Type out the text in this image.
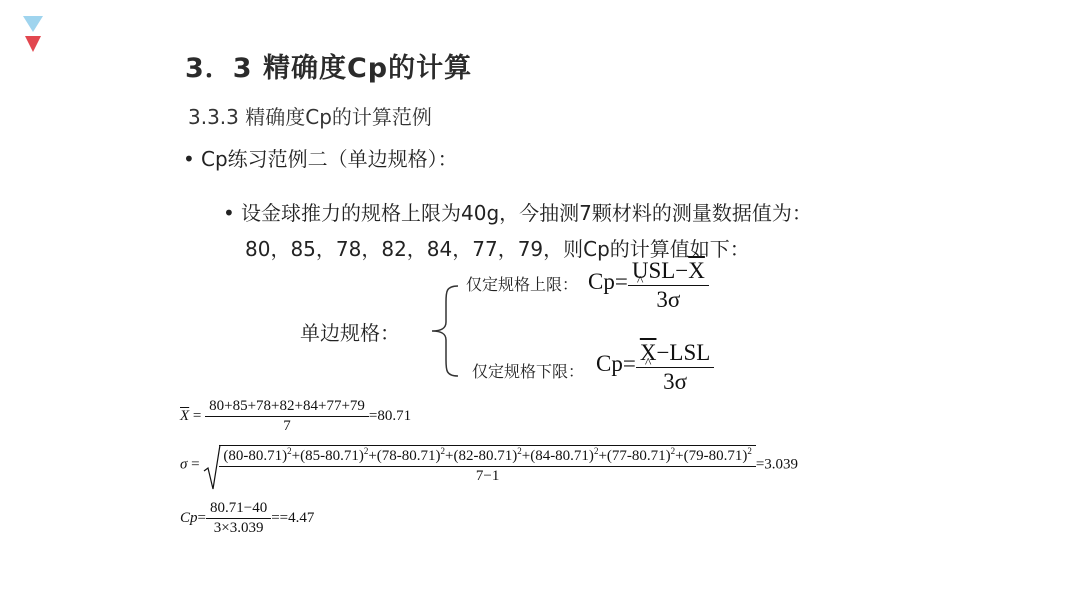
3．3 精确度Cp的计算
3.3.3 精确度Cp的计算范例
• Cp练习范例二（单边规格）：
• 设金球推力的规格上限为40g，今抽测7颗材料的测量数据值为：
80，85，78，82，84，77，79，则Cp的计算值如下：
单边规格：
仅定规格上限：
仅定规格下限：
$Cp= \frac{USL-\overline{X}}{3\sigma}$ ^
$Cp= \frac{\overline{X}-LSL}{3\sigma}$ ^
$\overline{X} = \frac{80+85+78+82+84+77+79}{7} =80.71$
σ =
$(80-80.71)^2+(85-80.71)^2+(78-80.71)^2+(82-80.71)^2+(84-80.71)^2+(77-80.71)^2+(79-80.71)^2$
7−1
=3.039
$Cp= \frac{80.71-40}{3\times 3.039} ==4.47$
